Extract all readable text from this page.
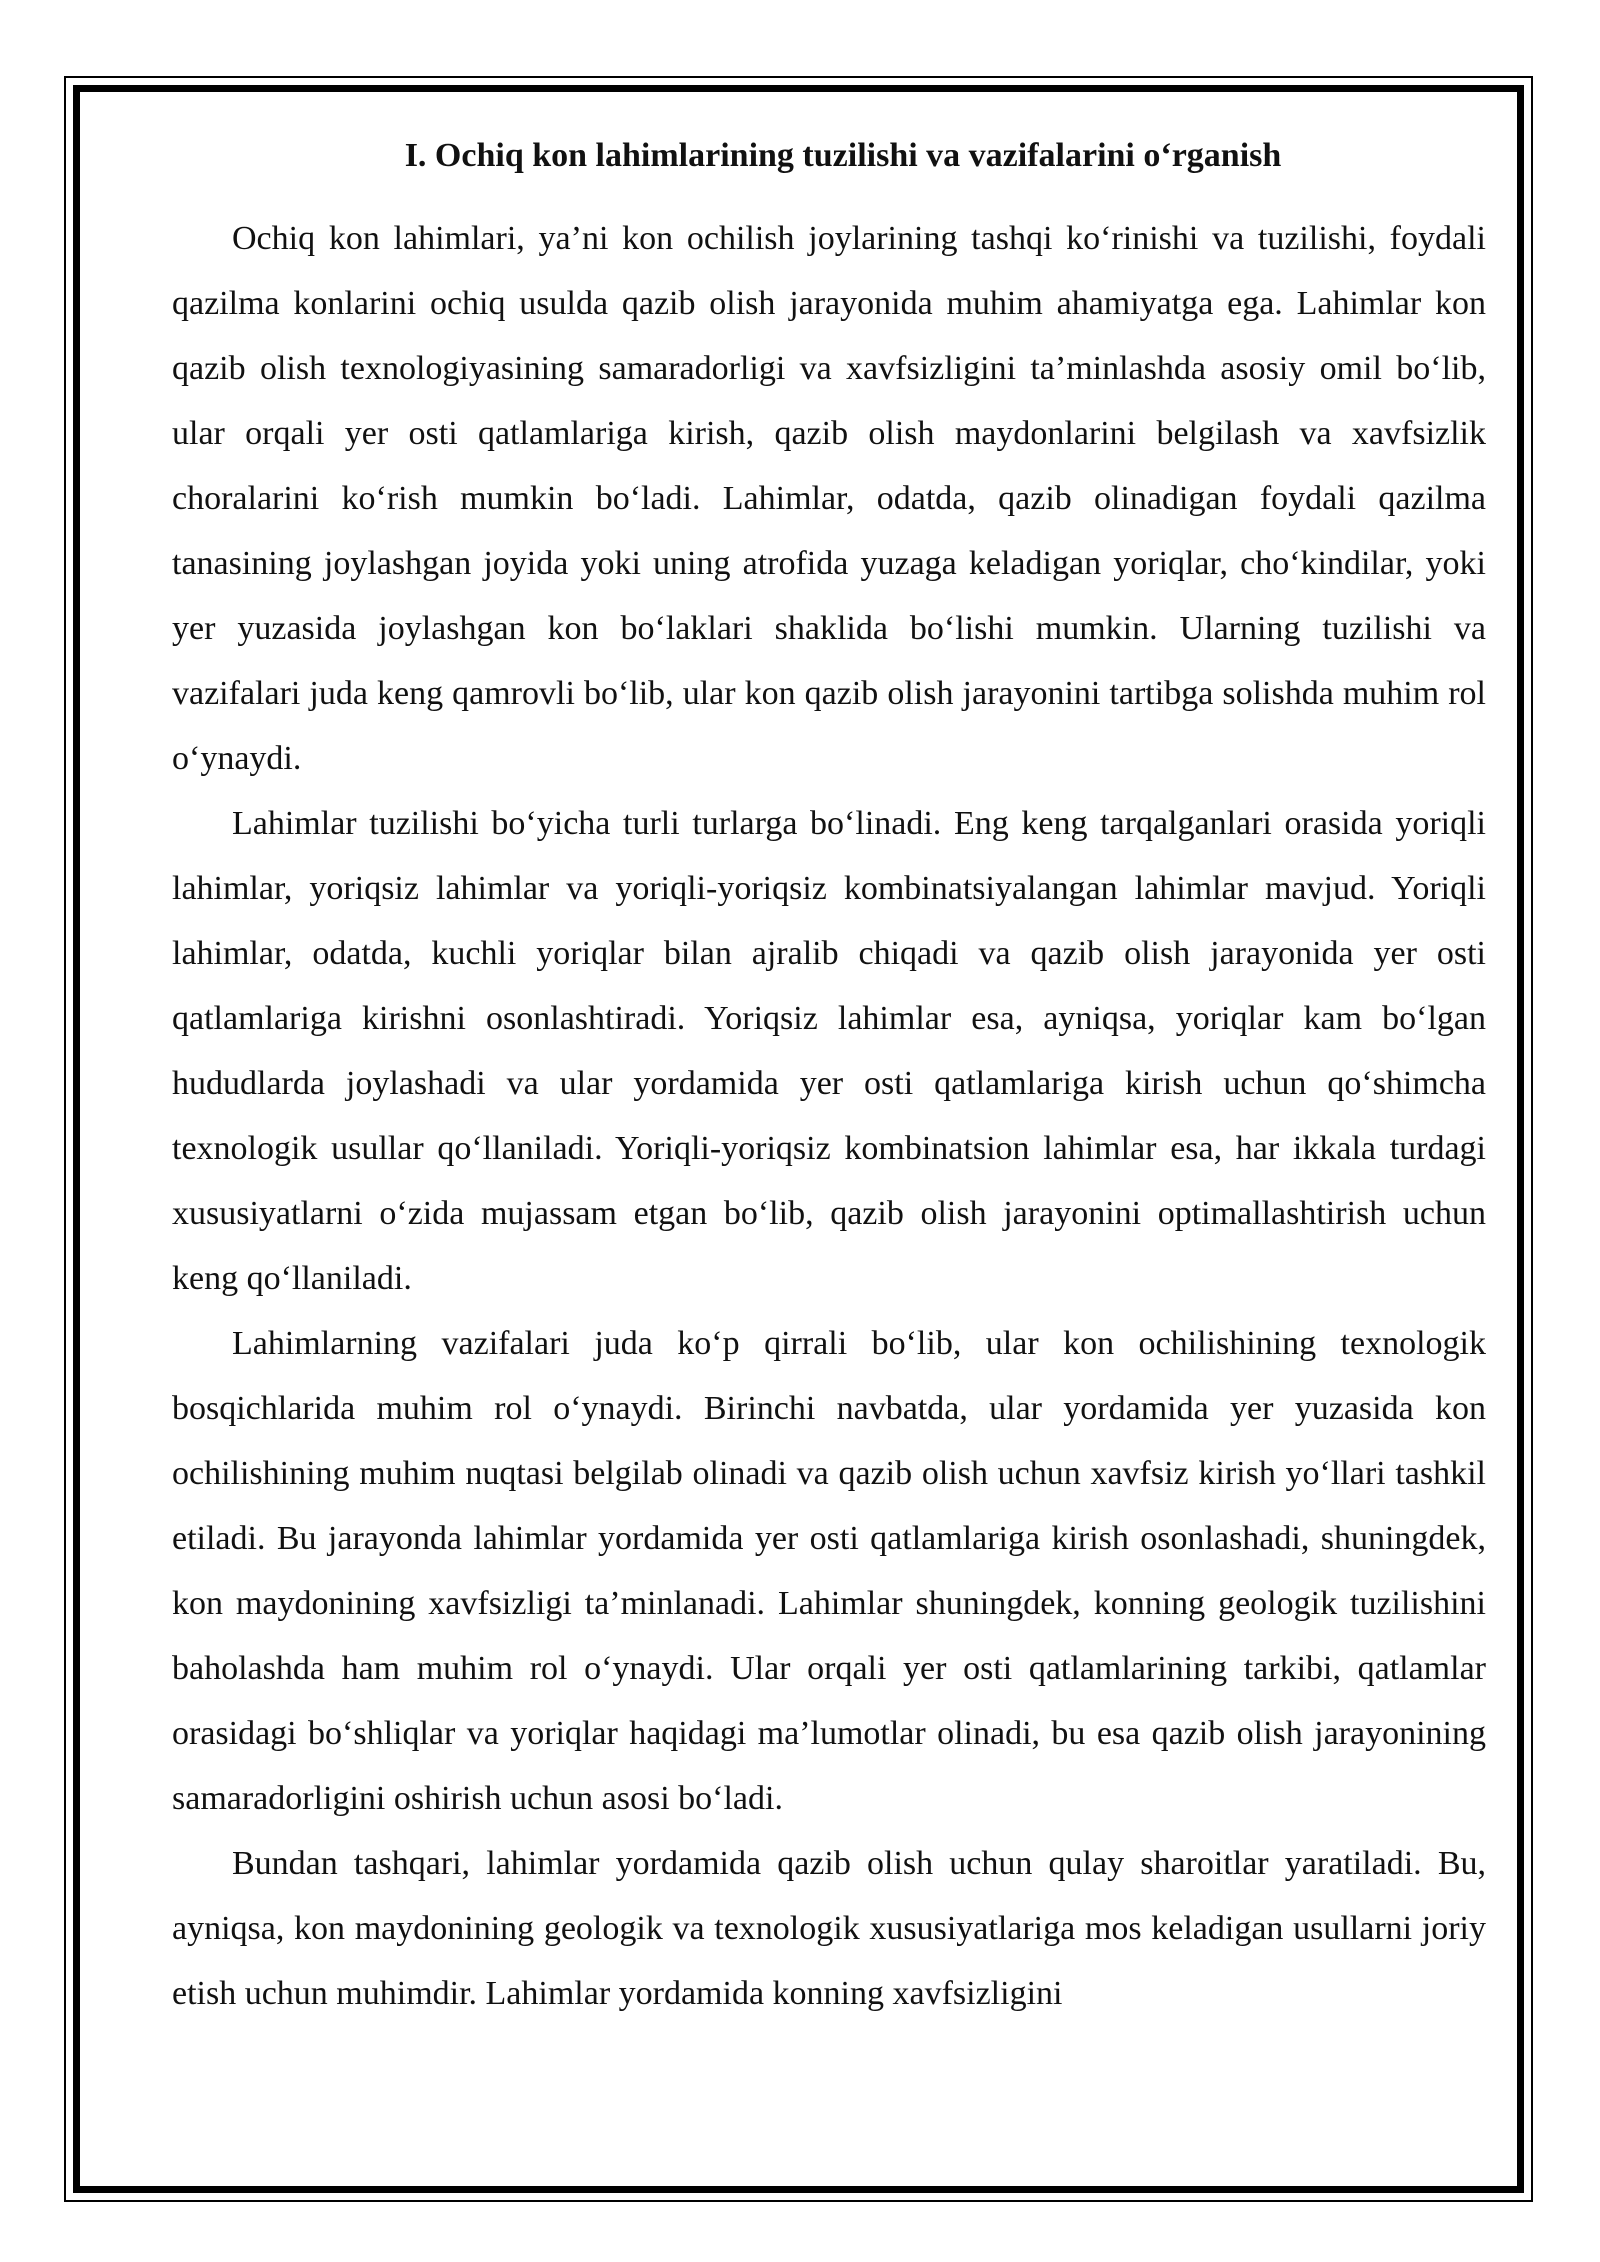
I. Ochiq kon lahimlarining tuzilishi va vazifalarini o‘rganish

Ochiq kon lahimlari, ya’ni kon ochilish joylarining tashqi ko‘rinishi va tuzilishi, foydali qazilma konlarini ochiq usulda qazib olish jarayonida muhim ahamiyatga ega. Lahimlar kon qazib olish texnologiyasining samaradorligi va xavfsizligini ta’minlashda asosiy omil bo‘lib, ular orqali yer osti qatlamlariga kirish, qazib olish maydonlarini belgilash va xavfsizlik choralarini ko‘rish mumkin bo‘ladi. Lahimlar, odatda, qazib olinadigan foydali qazilma tanasining joylashgan joyida yoki uning atrofida yuzaga keladigan yoriqlar, cho‘kindilar, yoki yer yuzasida joylashgan kon bo‘laklari shaklida bo‘lishi mumkin. Ularning tuzilishi va vazifalari juda keng qamrovli bo‘lib, ular kon qazib olish jarayonini tartibga solishda muhim rol o‘ynaydi.

Lahimlar tuzilishi bo‘yicha turli turlarga bo‘linadi. Eng keng tarqalganlari orasida yoriqli lahimlar, yoriqsiz lahimlar va yoriqli-yoriqsiz kombinatsiyalangan lahimlar mavjud. Yoriqli lahimlar, odatda, kuchli yoriqlar bilan ajralib chiqadi va qazib olish jarayonida yer osti qatlamlariga kirishni osonlashtiradi. Yoriqsiz lahimlar esa, ayniqsa, yoriqlar kam bo‘lgan hududlarda joylashadi va ular yordamida yer osti qatlamlariga kirish uchun qo‘shimcha texnologik usullar qo‘llaniladi. Yoriqli-yoriqsiz kombinatsion lahimlar esa, har ikkala turdagi xususiyatlarni o‘zida mujassam etgan bo‘lib, qazib olish jarayonini optimallashtirish uchun keng qo‘llaniladi.

Lahimlarning vazifalari juda ko‘p qirrali bo‘lib, ular kon ochilishining texnologik bosqichlarida muhim rol o‘ynaydi. Birinchi navbatda, ular yordamida yer yuzasida kon ochilishining muhim nuqtasi belgilab olinadi va qazib olish uchun xavfsiz kirish yo‘llari tashkil etiladi. Bu jarayonda lahimlar yordamida yer osti qatlamlariga kirish osonlashadi, shuningdek, kon maydonining xavfsizligi ta’minlanadi. Lahimlar shuningdek, konning geologik tuzilishini baholashda ham muhim rol o‘ynaydi. Ular orqali yer osti qatlamlarining tarkibi, qatlamlar orasidagi bo‘shliqlar va yoriqlar haqidagi ma’lumotlar olinadi, bu esa qazib olish jarayonining samaradorligini oshirish uchun asosi bo‘ladi.

Bundan tashqari, lahimlar yordamida qazib olish uchun qulay sharoitlar yaratiladi. Bu, ayniqsa, kon maydonining geologik va texnologik xususiyatlariga mos keladigan usullarni joriy etish uchun muhimdir. Lahimlar yordamida konning xavfsizligini
